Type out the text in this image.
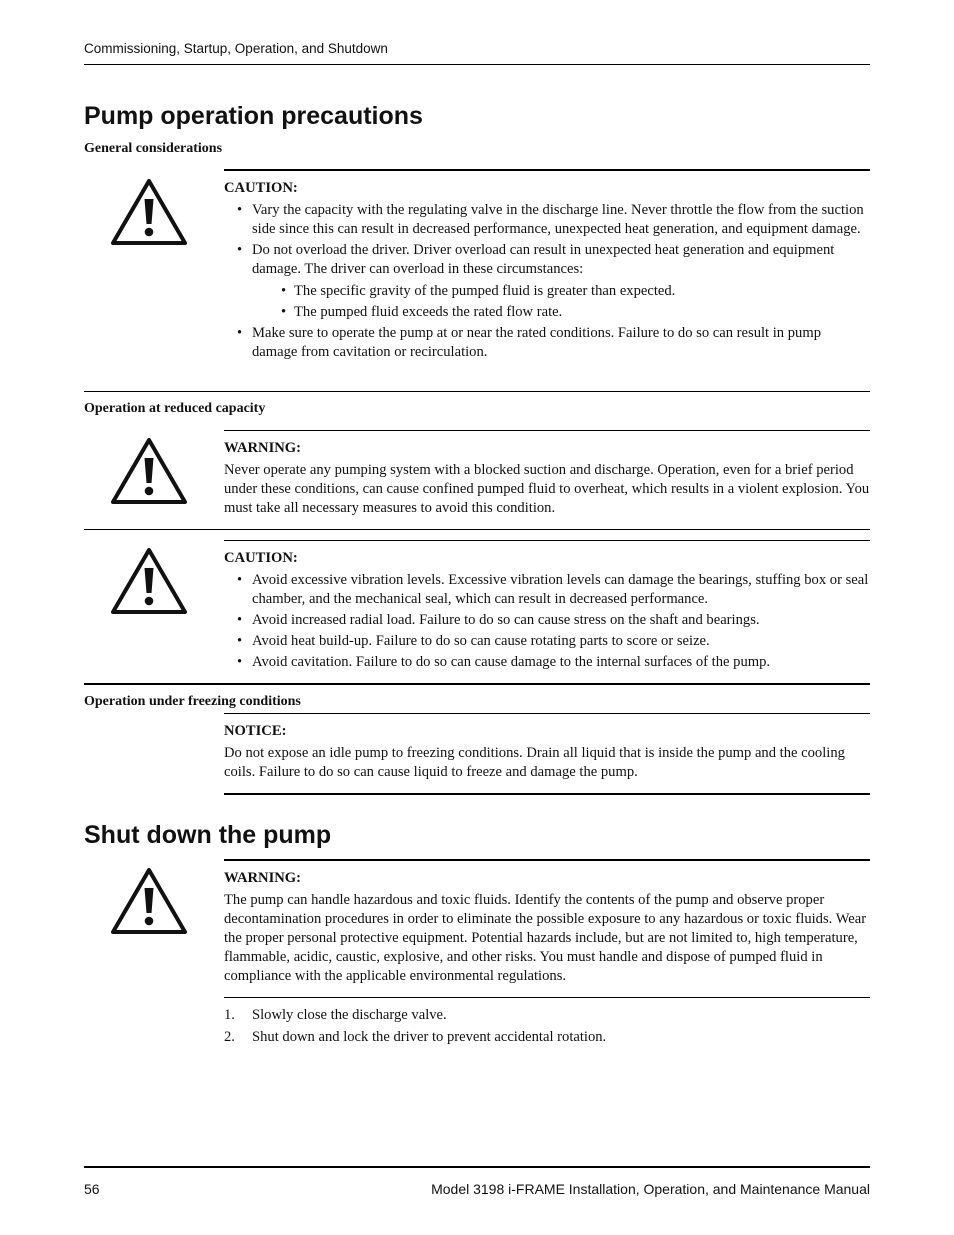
Commissioning, Startup, Operation, and Shutdown
Pump operation precautions
General considerations
CAUTION:
• Vary the capacity with the regulating valve in the discharge line. Never throttle the flow from the suction side since this can result in decreased performance, unexpected heat generation, and equipment damage.
• Do not overload the driver. Driver overload can result in unexpected heat generation and equipment damage. The driver can overload in these circumstances:
• The specific gravity of the pumped fluid is greater than expected.
• The pumped fluid exceeds the rated flow rate.
• Make sure to operate the pump at or near the rated conditions. Failure to do so can result in pump damage from cavitation or recirculation.
Operation at reduced capacity
WARNING:
Never operate any pumping system with a blocked suction and discharge. Operation, even for a brief period under these conditions, can cause confined pumped fluid to overheat, which results in a violent explosion. You must take all necessary measures to avoid this condition.
CAUTION:
• Avoid excessive vibration levels. Excessive vibration levels can damage the bearings, stuffing box or seal chamber, and the mechanical seal, which can result in decreased performance.
• Avoid increased radial load. Failure to do so can cause stress on the shaft and bearings.
• Avoid heat build-up. Failure to do so can cause rotating parts to score or seize.
• Avoid cavitation. Failure to do so can cause damage to the internal surfaces of the pump.
Operation under freezing conditions
NOTICE:
Do not expose an idle pump to freezing conditions. Drain all liquid that is inside the pump and the cooling coils. Failure to do so can cause liquid to freeze and damage the pump.
Shut down the pump
WARNING:
The pump can handle hazardous and toxic fluids. Identify the contents of the pump and observe proper decontamination procedures in order to eliminate the possible exposure to any hazardous or toxic fluids. Wear the proper personal protective equipment. Potential hazards include, but are not limited to, high temperature, flammable, acidic, caustic, explosive, and other risks. You must handle and dispose of pumped fluid in compliance with the applicable environmental regulations.
1. Slowly close the discharge valve.
2. Shut down and lock the driver to prevent accidental rotation.
56	Model 3198 i-FRAME Installation, Operation, and Maintenance Manual
